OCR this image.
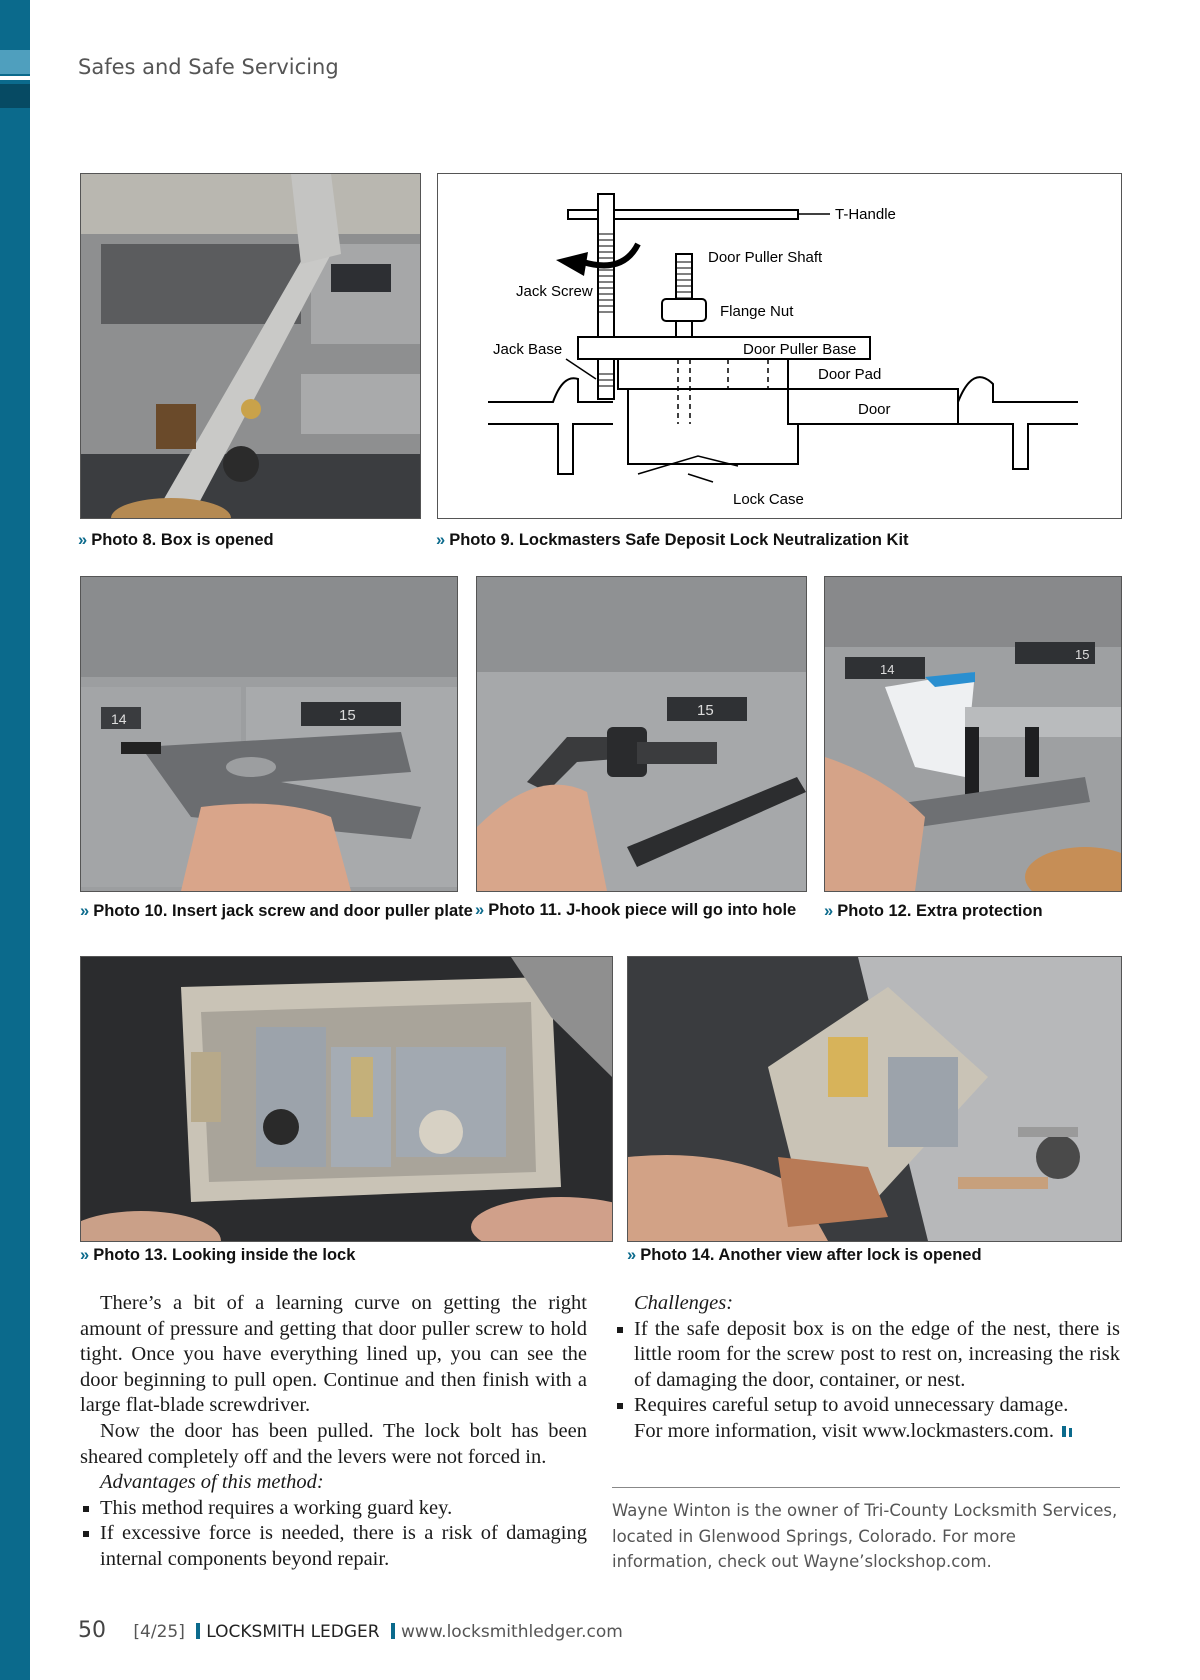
Safes and Safe Servicing
T-Handle
Jack Screw
Door Puller Shaft
Flange Nut
Door Puller Base
Jack Base
Door Pad
Door
Lock Case
» Photo 8. Box is opened	» Photo 9. Lockmasters Safe Deposit Lock Neutralization Kit
14	15	15
14
15
» Photo 10. Insert jack screw and door puller plate » Photo 11. J-hook piece will go into hole » Photo 12. Extra protection
» Photo 13. Looking inside the lock	» Photo 14. Another view after lock is opened

There’s a bit of a learning curve on getting the right amount of pressure and getting that door puller screw to hold tight. Once you have everything lined up, you can see the door beginning to pull open. Continue and then finish with a large flat-blade screwdriver.

Now the door has been pulled. The lock bolt has been sheared completely off and the levers were not forced in.

Advantages of this method:

This method requires a working guard key.
If excessive force is needed, there is a risk of damaging internal components beyond repair.

Challenges:

If the safe deposit box is on the edge of the nest, there is little room for the screw post to rest on, increasing the risk of damaging the door, container, or nest.
Requires careful setup to avoid unnecessary damage.

For more information, visit www.lockmasters.com.

Wayne Winton is the owner of Tri-County Locksmith Services, located in Glenwood Springs, Colorado. For more information, check out Wayne’slockshop.com.
50 [4/25] LOCKSMITH LEDGER www.locksmithledger.com
